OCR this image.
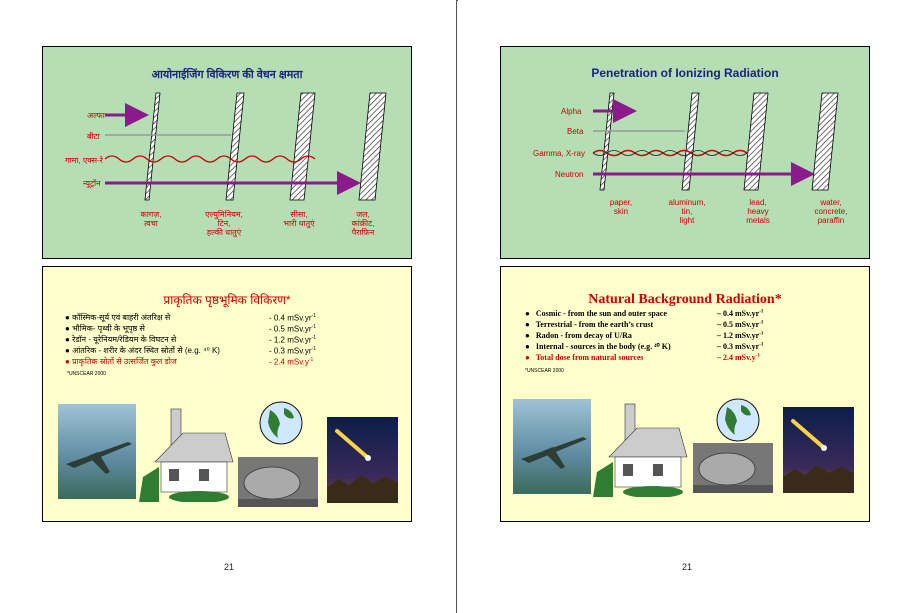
आयोनाईजिंग विकिरण की वेधन क्षमता
अल्फा
बीटा
गामा, एक्स-रे
न्यूट्रॉन
कागज़,
त्वचा
एल्युमिनियम,
टिन,
हल्की धातुएं
सीसा,
भारी धातुएं
जल,
कांक्रीट,
पैराफ़िन
प्राकृतिक पृष्ठभूमिक विकिरण*
● कॉस्मिक-सूर्य एवं बाहरी अंतरिक्ष से
● भौमिक- पृथ्वी के भूपृष्ठ से
● रेडॉन - यूरेनियम/रेडियम के विघटन से
● आंतरिक - शरीर के अंदर स्थित स्रोतों से (e.g. ⁴⁰ K)
● प्राकृतिक स्रोतों से उत्सर्जित कुल डोज
- 0.4 $mSv.yr^{-1}$
- 0.5 $mSv.yr^{-1}$
- 1.2 $mSv.yr^{-1}$
- 0.3 $mSv.yr^{-1}$
- 2.4 $mSv.y^{-1}$
*UNSCEAR 2000
21
Penetration of Ionizing Radiation
Alpha
Beta
Gamma, X-ray
Neutron
paper,
skin
aluminum,
tin,
light
lead,
heavy
metals
water,
concrete,
paraffin
Natural Background Radiation*
●   Cosmic - from the sun and outer space
●   Terrestrial - from the earth’s crust
●   Radon - from decay of U/Ra
●   Internal - sources in the body (e.g. ⁴⁰ K)
●   Total dose from natural sources
– 0.4 $mSv.yr^{-1}$
– 0.5 $mSv.yr^{-1}$
– 1.2 $mSv.yr^{-1}$
– 0.3 $mSv.yr^{-1}$
– 2.4 $mSv.y^{-1}$
*UNSCEAR 2000
21
